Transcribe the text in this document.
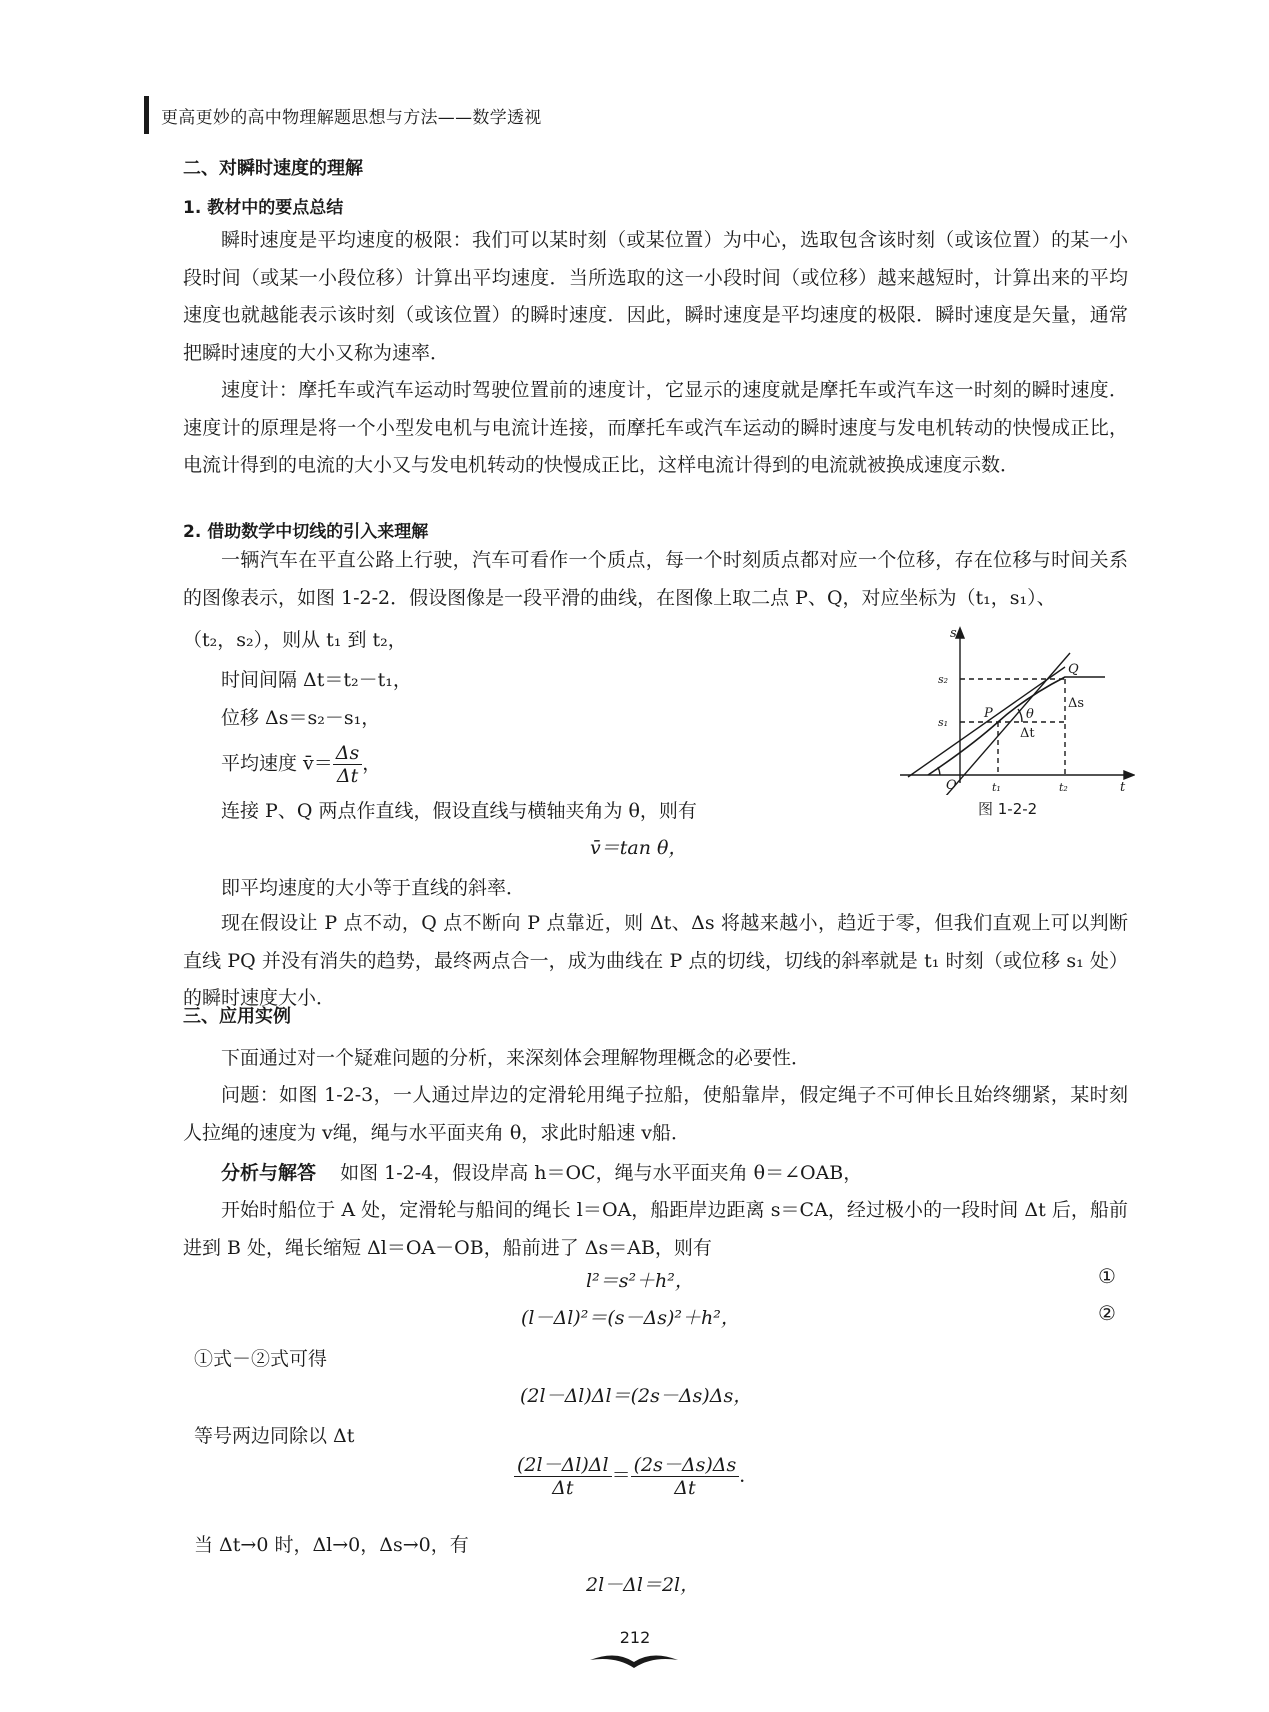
更高更妙的高中物理解题思想与方法——数学透视
二、对瞬时速度的理解
1. 教材中的要点总结
瞬时速度是平均速度的极限：我们可以某时刻（或某位置）为中心，选取包含该时刻（或该位置）的某一小段时间（或某一小段位移）计算出平均速度．当所选取的这一小段时间（或位移）越来越短时，计算出来的平均速度也就越能表示该时刻（或该位置）的瞬时速度．因此，瞬时速度是平均速度的极限．瞬时速度是矢量，通常把瞬时速度的大小又称为速率．
速度计：摩托车或汽车运动时驾驶位置前的速度计，它显示的速度就是摩托车或汽车这一时刻的瞬时速度．速度计的原理是将一个小型发电机与电流计连接，而摩托车或汽车运动的瞬时速度与发电机转动的快慢成正比，电流计得到的电流的大小又与发电机转动的快慢成正比，这样电流计得到的电流就被换成速度示数．
2. 借助数学中切线的引入来理解
一辆汽车在平直公路上行驶，汽车可看作一个质点，每一个时刻质点都对应一个位移，存在位移与时间关系的图像表示，如图 1-2-2．假设图像是一段平滑的曲线，在图像上取二点 P、Q，对应坐标为（t₁，s₁）、
（t₂，s₂），则从 t₁ 到 t₂，
时间间隔 Δt＝t₂－t₁，
位移 Δs＝s₂－s₁，
平均速度 v̄＝ $\frac{\Delta s}{\Delta t}$ ，
连接 P、Q 两点作直线，假设直线与横轴夹角为 θ，则有
v̄＝tan θ，
即平均速度的大小等于直线的斜率．
现在假设让 P 点不动，Q 点不断向 P 点靠近，则 Δt、Δs 将越来越小，趋近于零，但我们直观上可以判断直线 PQ 并没有消失的趋势，最终两点合一，成为曲线在 P 点的切线，切线的斜率就是 t₁ 时刻（或位移 s₁ 处）的瞬时速度大小．
s
t
O
s₁
s₂
t₁	t₂
P
Q
θ
Δs
Δt
图 1-2-2
三、应用实例
下面通过对一个疑难问题的分析，来深刻体会理解物理概念的必要性．
问题：如图 1-2-3，一人通过岸边的定滑轮用绳子拉船，使船靠岸，假定绳子不可伸长且始终绷紧，某时刻人拉绳的速度为 v绳，绳与水平面夹角 θ，求此时船速 v船．
分析与解答 如图 1-2-4，假设岸高 h＝OC，绳与水平面夹角 θ＝∠OAB，
开始时船位于 A 处，定滑轮与船间的绳长 l＝OA，船距岸边距离 s＝CA，经过极小的一段时间 Δt 后，船前进到 B 处，绳长缩短 Δl＝OA－OB，船前进了 Δs＝AB，则有
l²＝s²＋h²，	①
(l－Δl)²＝(s－Δs)²＋h²，	②
①式－②式可得
(2l－Δl)Δl＝(2s－Δs)Δs，
等号两边同除以 Δt
$\frac{(2l-\Delta l)\Delta l}{\Delta t} = \frac{(2s-\Delta s)\Delta s}{\Delta t}$ ．
当 Δt→0 时，Δl→0，Δs→0，有
2l－Δl＝2l，
212
